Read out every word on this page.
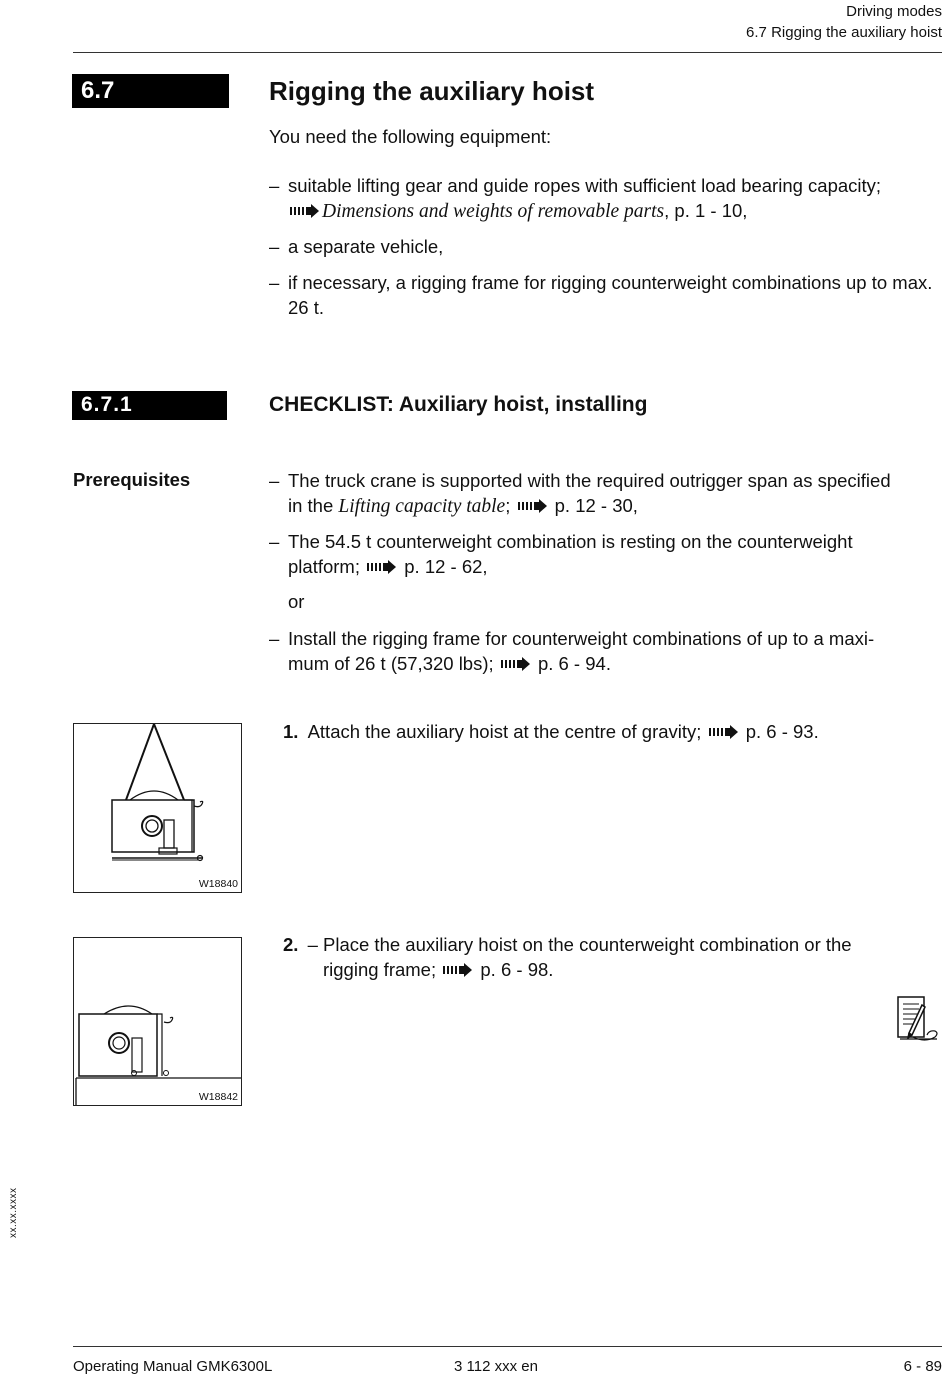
Driving modes
6.7 Rigging the auxiliary hoist
6.7	Rigging the auxiliary hoist
You need the following equipment:
– suitable lifting gear and guide ropes with sufficient load bearing capacity;
Dimensions and weights of removable parts, p. 1 - 10,
– a separate vehicle,
– if necessary, a rigging frame for rigging counterweight combinations up to max. 26 t.
6.7.1	CHECKLIST: Auxiliary hoist, installing
Prerequisites	– The truck crane is supported with the required outrigger span as specified
in the Lifting capacity table; p. 12 - 30,
– The 54.5 t counterweight combination is resting on the counterweight
platform; p. 12 - 62,
or
– Install the rigging frame for counterweight combinations of up to a maxi-
mum of 26 t (57,320 lbs); p. 6 - 94.
W18840
1. Attach the auxiliary hoist at the centre of gravity; p. 6 - 93.
W18842
2. – Place the auxiliary hoist on the counterweight combination or the
rigging frame; p. 6 - 98.
xx.xx.xxxx
Operating Manual GMK6300L	3 112 xxx en	6 - 89
